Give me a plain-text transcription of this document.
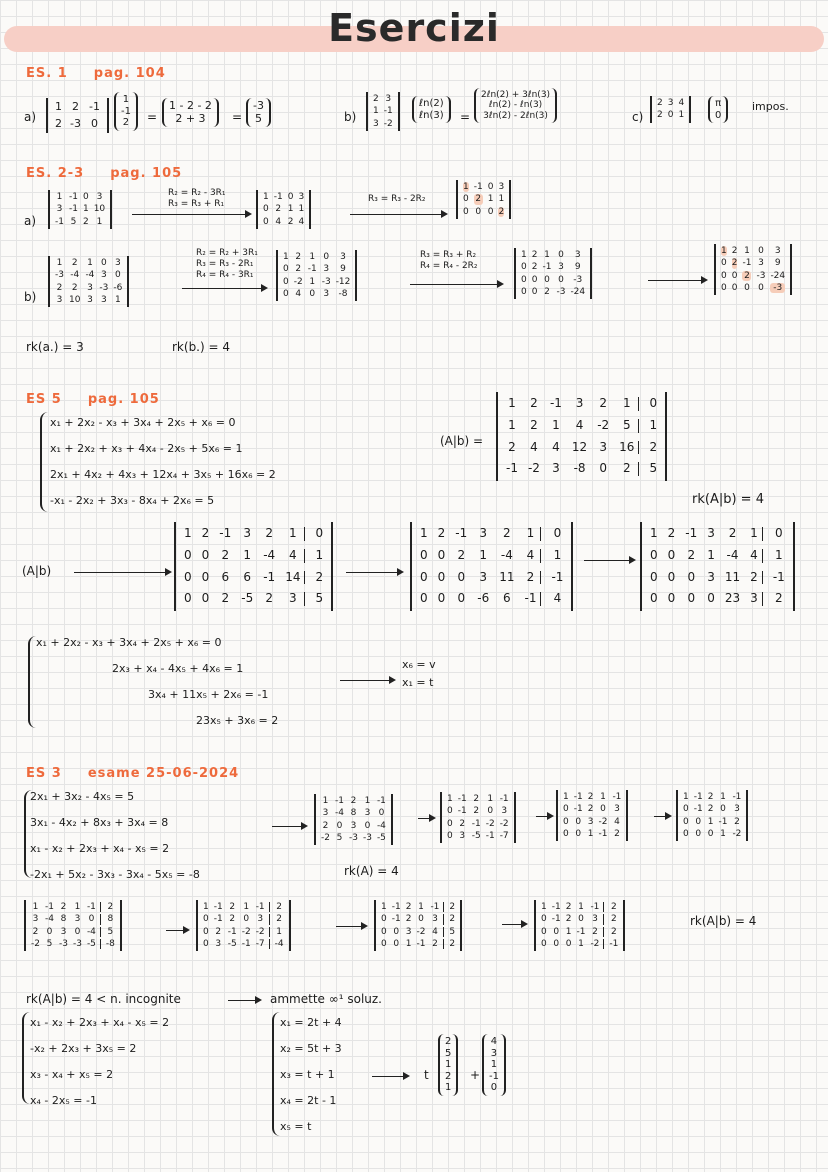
Esercizi
ES. 1 pag. 104
a)
1 2 -1
2 -3 0
1
-1
2 =
1 - 2 - 2
2 + 3 =
-3
5	b)
2 3
1 -1
3 -2
ℓn(2)
ℓn(3) =
2ℓn(2) + 3ℓn(3)
ℓn(2) - ℓn(3)
3ℓn(2) - 2ℓn(3)	c)
2 3 4
2 0 1
π
0
impos.
ES. 2-3 pag. 105
a)
1 -1 0 3
3 -1 1 10
-1 5 2 1
R₂ = R₂ - 3R₁
R₃ = R₃ + R₁
1 -1 0 3
0 2 1 1
0 4 2 4
R₃ = R₃ - 2R₂
1 -1 0 3
0 2 1 1
0 0 0 2
b)
1	2	1 0 3
-3 -4 -4 3 0
2	2	3 -3 -6
3 10 3 3 1
R₂ = R₂ + 3R₁
R₃ = R₃ - 2R₁
R₄ = R₄ - 3R₁
1 2 1 0	3
0 2 -1 3	9
0 -2 1 -3 -12
0 4 0 3	-8
R₃ = R₃ + R₂
R₄ = R₄ - 2R₂
1 2 1 0	3
0 2 -1 3	9
0 0 0 0	-3
0 0 2 -3 -24
1 2 1 0	3
0 2 -1 3	9
0 0 2 -3 -24
0 0 0 0	-3
rk(a.) = 3	rk(b.) = 4
ES 5 pag. 105
x₁ + 2x₂ - x₃ + 3x₄ + 2x₅ + x₆ = 0
x₁ + 2x₂ + x₃ + 4x₄ - 2x₅ + 5x₆ = 1
2x₁ + 4x₂ + 4x₃ + 12x₄ + 3x₅ + 16x₆ = 2
-x₁ - 2x₂ + 3x₃ - 8x₄ + 2x₆ = 5
(A|b) =
1 2 -1	3	2	1	0
1 2 1	4	-2	5	1
2 4 4 12 3 16	2
-1 -2 3 -8 0	2	5
rk(A|b) = 4
(A|b)
1 2 -1 3 2	1	0
0 0 2 1 -4	4	1
0 0 6 6 -1 14	2
0 0 2 -5 2	3	5
1 2 -1 3	2	1	0
0 0 2 1 -4 4	1
0 0 0 3 11 2	-1
0 0 0 -6	6	-1	4
1 2 -1 3	2	1	0
0 0 2 1 -4 4	1
0 0 0 3 11 2	-1
0 0 0 0 23 3	2
x₁ + 2x₂ - x₃ + 3x₄ + 2x₅ + x₆ = 0
2x₃ + x₄ - 4x₅ + 4x₆ = 1
3x₄ + 11x₅ + 2x₆ = -1
23x₅ + 3x₆ = 2
x₆ = v
x₁ = t
ES 3 esame 25-06-2024
2x₁ + 3x₂ - 4x₅ = 5
3x₁ - 4x₂ + 8x₃ + 3x₄ = 8
x₁ - x₂ + 2x₃ + x₄ - x₅ = 2
-2x₁ + 5x₂ - 3x₃ - 3x₄ - 5x₅ = -8
1 -1 2 1 -1
3 -4 8 3 0
2 0 3 0 -4
-2 5 -3 -3 -5
1 -1 2 1 -1
0 -1 2 0 3
0 2 -1 -2 -2
0 3 -5 -1 -7
1 -1 2 1 -1
0 -1 2 0 3
0 0 3 -2 4
0 0 1 -1 2
1 -1 2 1 -1
0 -1 2 0 3
0 0 1 -1 2
0 0 0 1 -2
rk(A) = 4
1 -1 2 1 -1	2
3 -4 8 3 0	8
2 0 3 0 -4	5
-2 5 -3 -3 -5	-8
1 -1 2 1 -1	2
0 -1 2 0 3	2
0 2 -1 -2 -2	1
0 3 -5 -1 -7	-4
1 -1 2 1 -1	2
0 -1 2 0 3	2
0 0 3 -2 4	5
0 0 1 -1 2	2
1 -1 2 1 -1	2
0 -1 2 0 3	2
0 0 1 -1 2	2
0 0 0 1 -2	-1
rk(A|b) = 4
rk(A|b) = 4 < n. incognite	ammette ∞¹ soluz.
x₁ - x₂ + 2x₃ + x₄ - x₅ = 2
-x₂ + 2x₃ + 3x₅ = 2
x₃ - x₄ + x₅ = 2
x₄ - 2x₅ = -1
x₁ = 2t + 4
x₂ = 5t + 3
x₃ = t + 1
x₄ = 2t - 1
x₅ = t
t
2
5
1
2
1
+
4
3
1
-1
0
